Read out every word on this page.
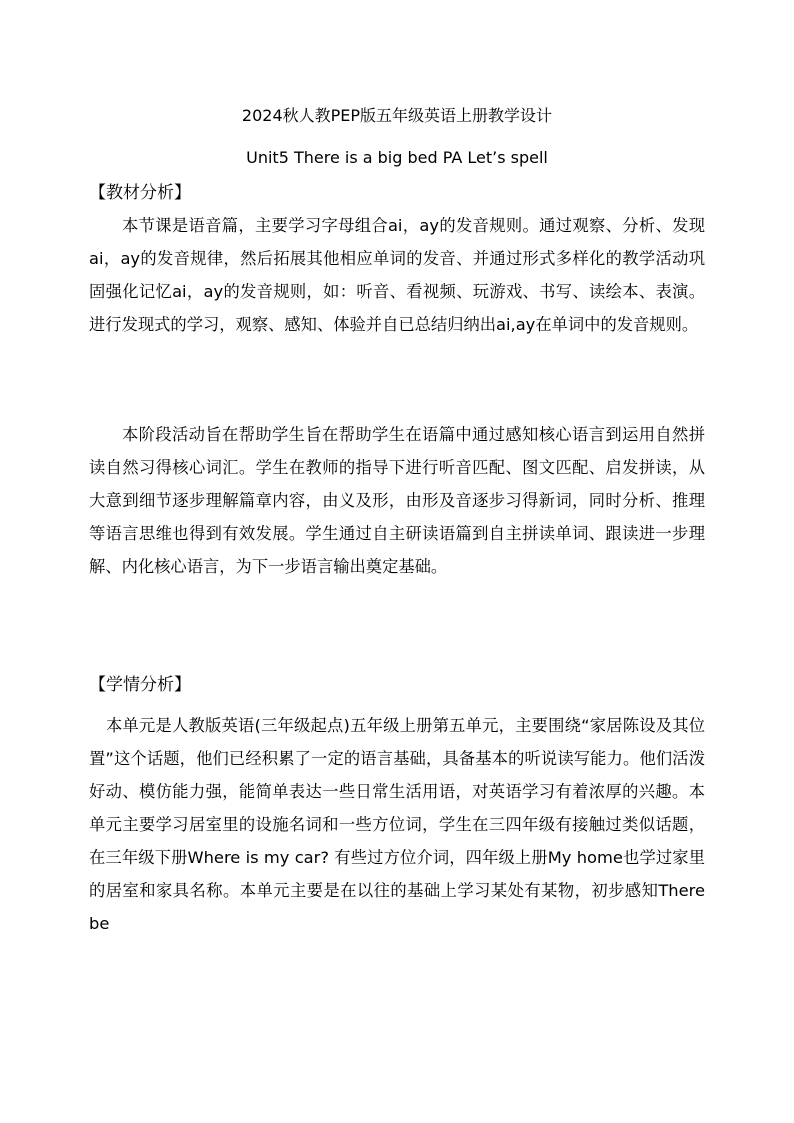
2024秋人教PEP版五年级英语上册教学设计
Unit5 There is a big bed PA Let’s spell
【教材分析】

本节课是语音篇，主要学习字母组合ai，ay的发音规则。通过观察、分析、发现ai，ay的发音规律，然后拓展其他相应单词的发音、并通过形式多样化的教学活动巩固强化记忆ai，ay的发音规则，如：听音、看视频、玩游戏、书写、读绘本、表演。进行发现式的学习，观察、感知、体验并自已总结归纳出ai,ay在单词中的发音规则。

本阶段活动旨在帮助学生旨在帮助学生在语篇中通过感知核心语言到运用自然拼读自然习得核心词汇。学生在教师的指导下进行听音匹配、图文匹配、启发拼读，从大意到细节逐步理解篇章内容，由义及形，由形及音逐步习得新词，同时分析、推理等语言思维也得到有效发展。学生通过自主研读语篇到自主拼读单词、跟读进一步理解、内化核心语言，为下一步语言输出奠定基础。

【学情分析】

本单元是人教版英语(三年级起点)五年级上册第五单元，主要围绕“家居陈设及其位置”这个话题，他们已经积累了一定的语言基础，具备基本的听说读写能力。他们活泼好动、模仿能力强，能简单表达一些日常生活用语，对英语学习有着浓厚的兴趣。本单元主要学习居室里的设施名词和一些方位词，学生在三四年级有接触过类似话题，在三年级下册Where is my car? 有些过方位介词，四年级上册My home也学过家里的居室和家具名称。本单元主要是在以往的基础上学习某处有某物，初步感知There be
